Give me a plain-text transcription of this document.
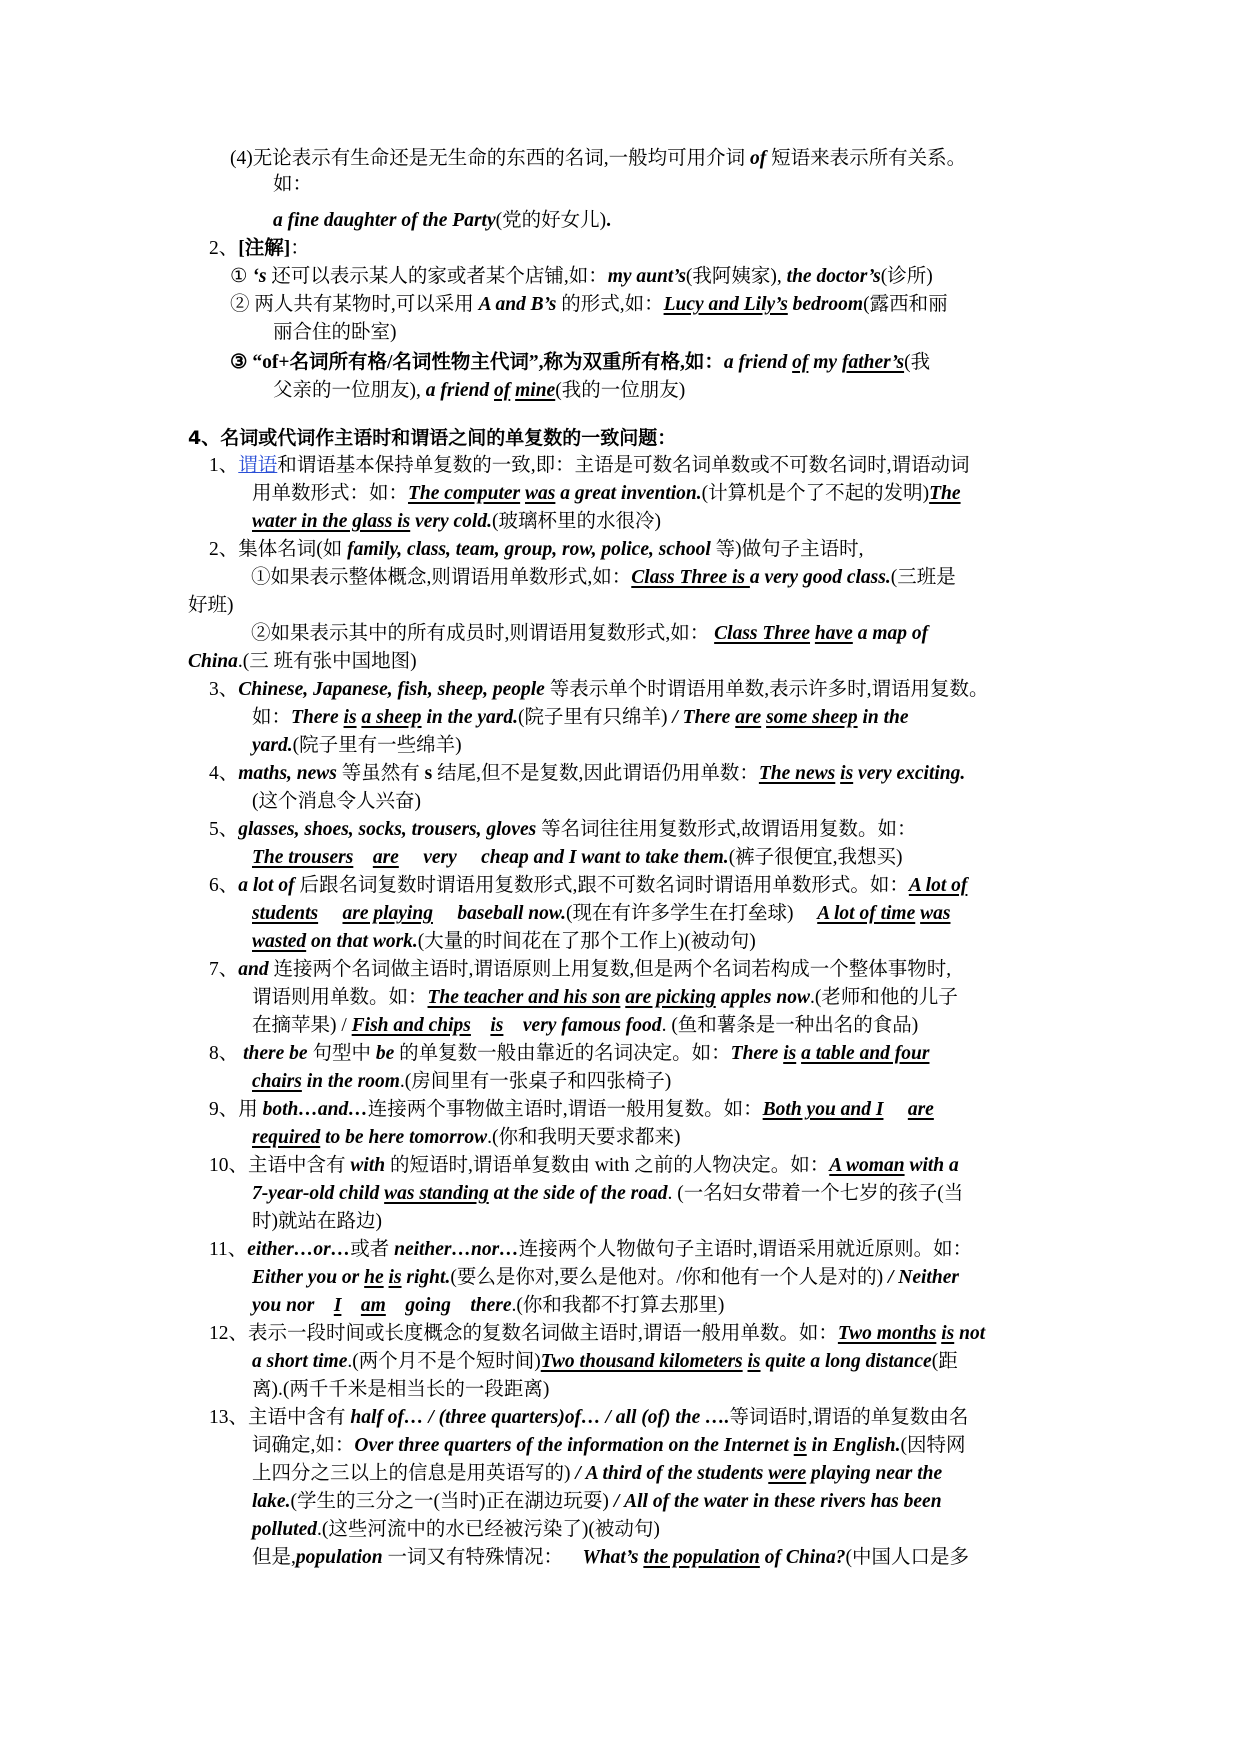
(4)无论表示有生命还是无生命的东西的名词,一般均可用介词 of 短语来表示所有关系。
如：
a fine daughter of the Party(党的好女儿).
2、[注解]：
① ‘s 还可以表示某人的家或者某个店铺,如：my aunt’s(我阿姨家), the doctor’s(诊所)
② 两人共有某物时,可以采用 A and B’s 的形式,如：Lucy and Lily’s bedroom(露西和丽
丽合住的卧室)
③ “of+名词所有格/名词性物主代词”,称为双重所有格,如：a friend of my father’s(我
父亲的一位朋友), a friend of mine(我的一位朋友)
4、名词或代词作主语时和谓语之间的单复数的一致问题：
1、谓语和谓语基本保持单复数的一致,即：主语是可数名词单数或不可数名词时,谓语动词
用单数形式：如：The computer was a great invention.(计算机是个了不起的发明)The
water in the glass is very cold.(玻璃杯里的水很冷)
2、集体名词(如 family, class, team, group, row, police, school 等)做句子主语时,
①如果表示整体概念,则谓语用单数形式,如：Class Three is a very good class.(三班是
好班)
②如果表示其中的所有成员时,则谓语用复数形式,如： Class Three have a map of
China.(三 班有张中国地图)
3、Chinese, Japanese, fish, sheep, people 等表示单个时谓语用单数,表示许多时,谓语用复数。
如：There is a sheep in the yard.(院子里有只绵羊) / There are some sheep in the
yard.(院子里有一些绵羊)
4、maths, news 等虽然有 s 结尾,但不是复数,因此谓语仍用单数：The news is very exciting.
(这个消息令人兴奋)
5、glasses, shoes, socks, trousers, gloves 等名词往往用复数形式,故谓语用复数。如：
The trousers are     very     cheap and I want to take them.(裤子很便宜,我想买)
6、a lot of 后跟名词复数时谓语用复数形式,跟不可数名词时谓语用单数形式。如：A lot of
students are playing     baseball now.(现在有许多学生在打垒球) A lot of time was
wasted on that work.(大量的时间花在了那个工作上)(被动句)
7、and 连接两个名词做主语时,谓语原则上用复数,但是两个名词若构成一个整体事物时,
谓语则用单数。如：The teacher and his son are picking apples now.(老师和他的儿子
在摘苹果) / Fish and chips is    very famous food. (鱼和薯条是一种出名的食品)
8、 there be 句型中 be 的单复数一般由靠近的名词决定。如：There is a table and four
chairs in the room.(房间里有一张桌子和四张椅子)
9、用 both…and…连接两个事物做主语时,谓语一般用复数。如：Both you and I are
required to be here tomorrow.(你和我明天要求都来)
10、主语中含有 with 的短语时,谓语单复数由 with 之前的人物决定。如：A woman with a
7-year-old child was standing at the side of the road. (一名妇女带着一个七岁的孩子(当
时)就站在路边)
11、either…or…或者 neither…nor…连接两个人物做句子主语时,谓语采用就近原则。如：
Either you or he is right.(要么是你对,要么是他对。/你和他有一个人是对的) / Neither
you nor    I am    going    there.(你和我都不打算去那里)
12、表示一段时间或长度概念的复数名词做主语时,谓语一般用单数。如：Two months is not
a short time.(两个月不是个短时间)Two thousand kilometers is quite a long distance(距
离).(两千千米是相当长的一段距离)
13、主语中含有 half of… / (three quarters)of… / all (of) the ….等词语时,谓语的单复数由名
词确定,如：Over three quarters of the information on the Internet is in English.(因特网
上四分之三以上的信息是用英语写的) / A third of the students were playing near the
lake.(学生的三分之一(当时)正在湖边玩耍) / All of the water in these rivers has been
polluted.(这些河流中的水已经被污染了)(被动句)
但是,population 一词又有特殊情况：    What’s the population of China?(中国人口是多
